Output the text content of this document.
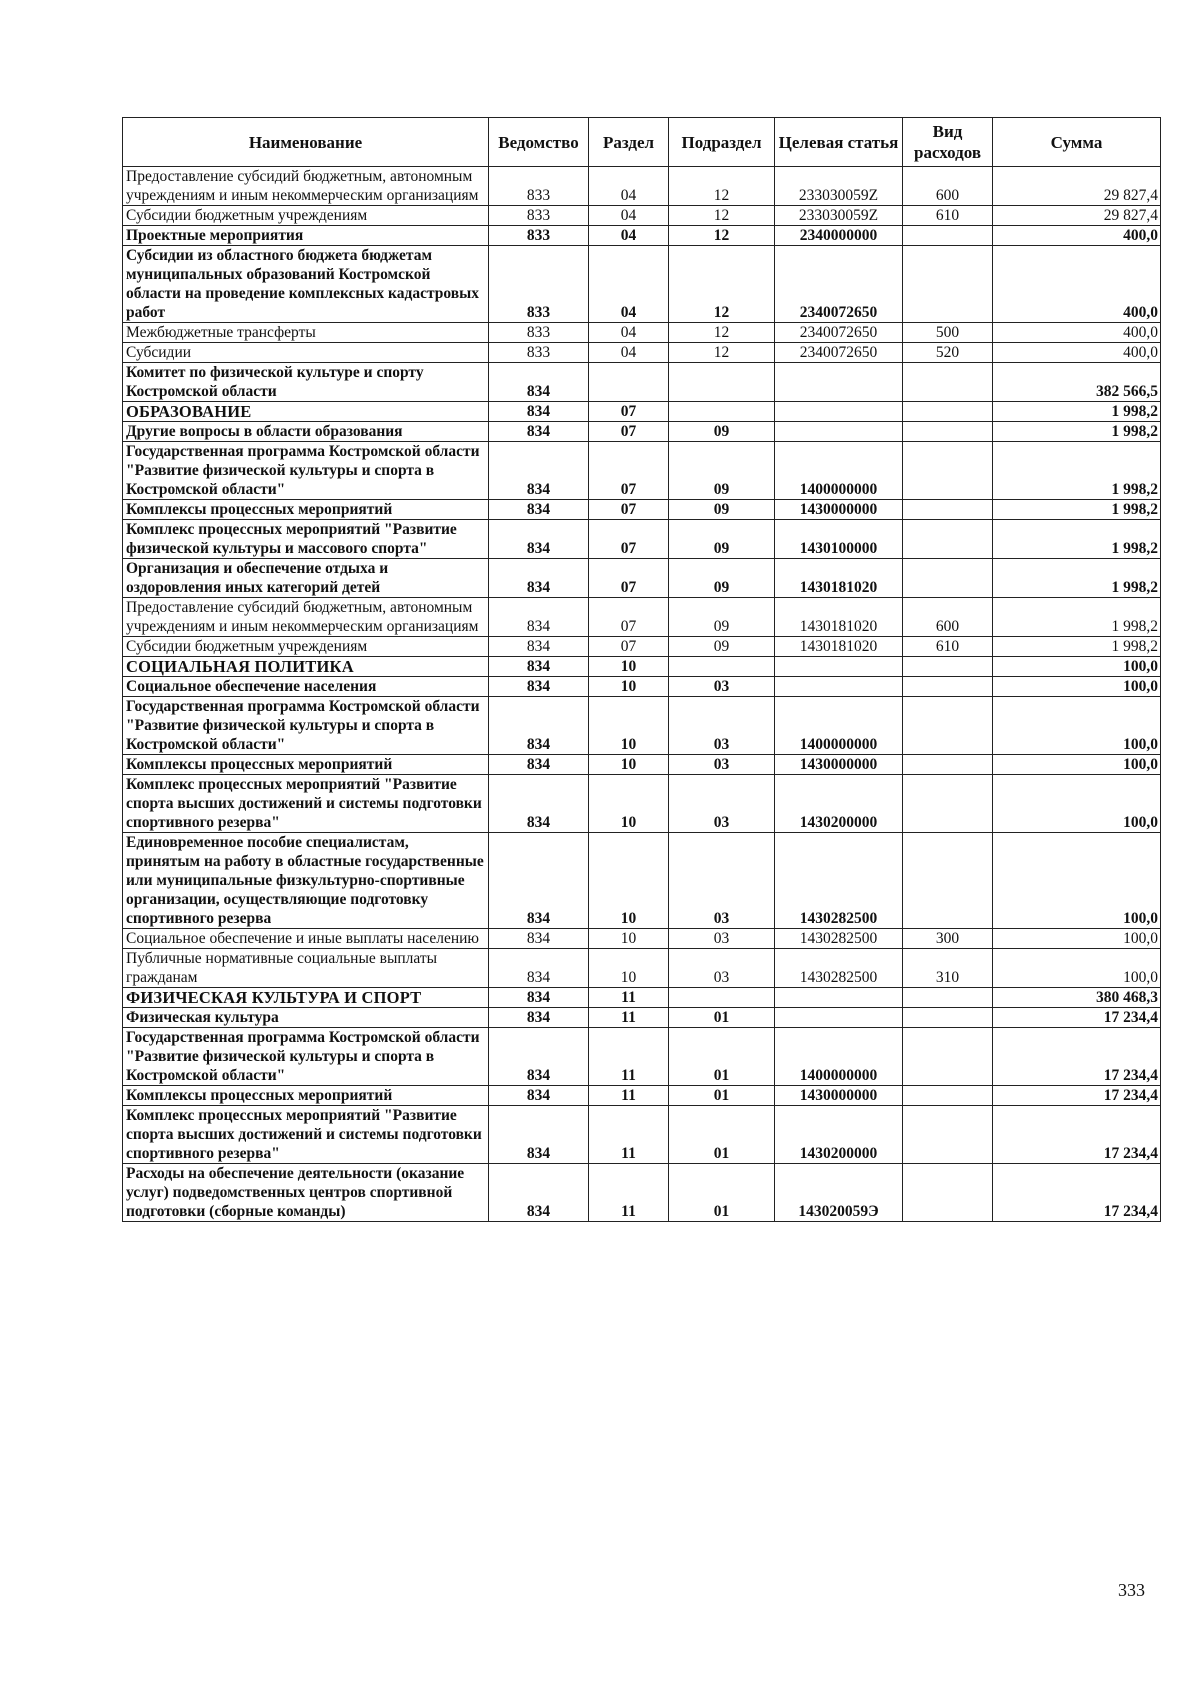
Наименование	Ведомство	Раздел	Подраздел	Целевая статья	Вид расходов	Сумма
Предоставление субсидий бюджетным, автономным учреждениям и иным некоммерческим организациям	833	04	12	233030059Z	600	29 827,4
Субсидии бюджетным учреждениям	833	04	12	233030059Z	610	29 827,4
Проектные мероприятия	833	04	12	2340000000		400,0
Субсидии из областного бюджета бюджетам муниципальных образований Костромской области на проведение комплексных кадастровых работ	833	04	12	2340072650		400,0
Межбюджетные трансферты	833	04	12	2340072650	500	400,0
Субсидии	833	04	12	2340072650	520	400,0
Комитет по физической культуре и спорту Костромской области	834					382 566,5
ОБРАЗОВАНИЕ	834	07				1 998,2
Другие вопросы в области образования	834	07	09			1 998,2
Государственная программа Костромской области "Развитие физической культуры и спорта в Костромской области"	834	07	09	1400000000		1 998,2
Комплексы процессных мероприятий	834	07	09	1430000000		1 998,2
Комплекс процессных мероприятий "Развитие физической культуры и массового спорта"	834	07	09	1430100000		1 998,2
Организация и обеспечение отдыха и оздоровления иных категорий детей	834	07	09	1430181020		1 998,2
Предоставление субсидий бюджетным, автономным учреждениям и иным некоммерческим организациям	834	07	09	1430181020	600	1 998,2
Субсидии бюджетным учреждениям	834	07	09	1430181020	610	1 998,2
СОЦИАЛЬНАЯ ПОЛИТИКА	834	10				100,0
Социальное обеспечение населения	834	10	03			100,0
Государственная программа Костромской области "Развитие физической культуры и спорта в Костромской области"	834	10	03	1400000000		100,0
Комплексы процессных мероприятий	834	10	03	1430000000		100,0
Комплекс процессных мероприятий "Развитие спорта высших достижений и системы подготовки спортивного резерва"	834	10	03	1430200000		100,0
Единовременное пособие специалистам, принятым на работу в областные государственные или муниципальные физкультурно-спортивные организации, осуществляющие подготовку спортивного резерва	834	10	03	1430282500		100,0
Социальное обеспечение и иные выплаты населению	834	10	03	1430282500	300	100,0
Публичные нормативные социальные выплаты гражданам	834	10	03	1430282500	310	100,0
ФИЗИЧЕСКАЯ КУЛЬТУРА И СПОРТ	834	11				380 468,3
Физическая культура	834	11	01			17 234,4
Государственная программа Костромской области "Развитие физической культуры и спорта в Костромской области"	834	11	01	1400000000		17 234,4
Комплексы процессных мероприятий	834	11	01	1430000000		17 234,4
Комплекс процессных мероприятий "Развитие спорта высших достижений и системы подготовки спортивного резерва"	834	11	01	1430200000		17 234,4
Расходы на обеспечение деятельности (оказание услуг) подведомственных центров спортивной подготовки (сборные команды)	834	11	01	143020059Э		17 234,4
333
